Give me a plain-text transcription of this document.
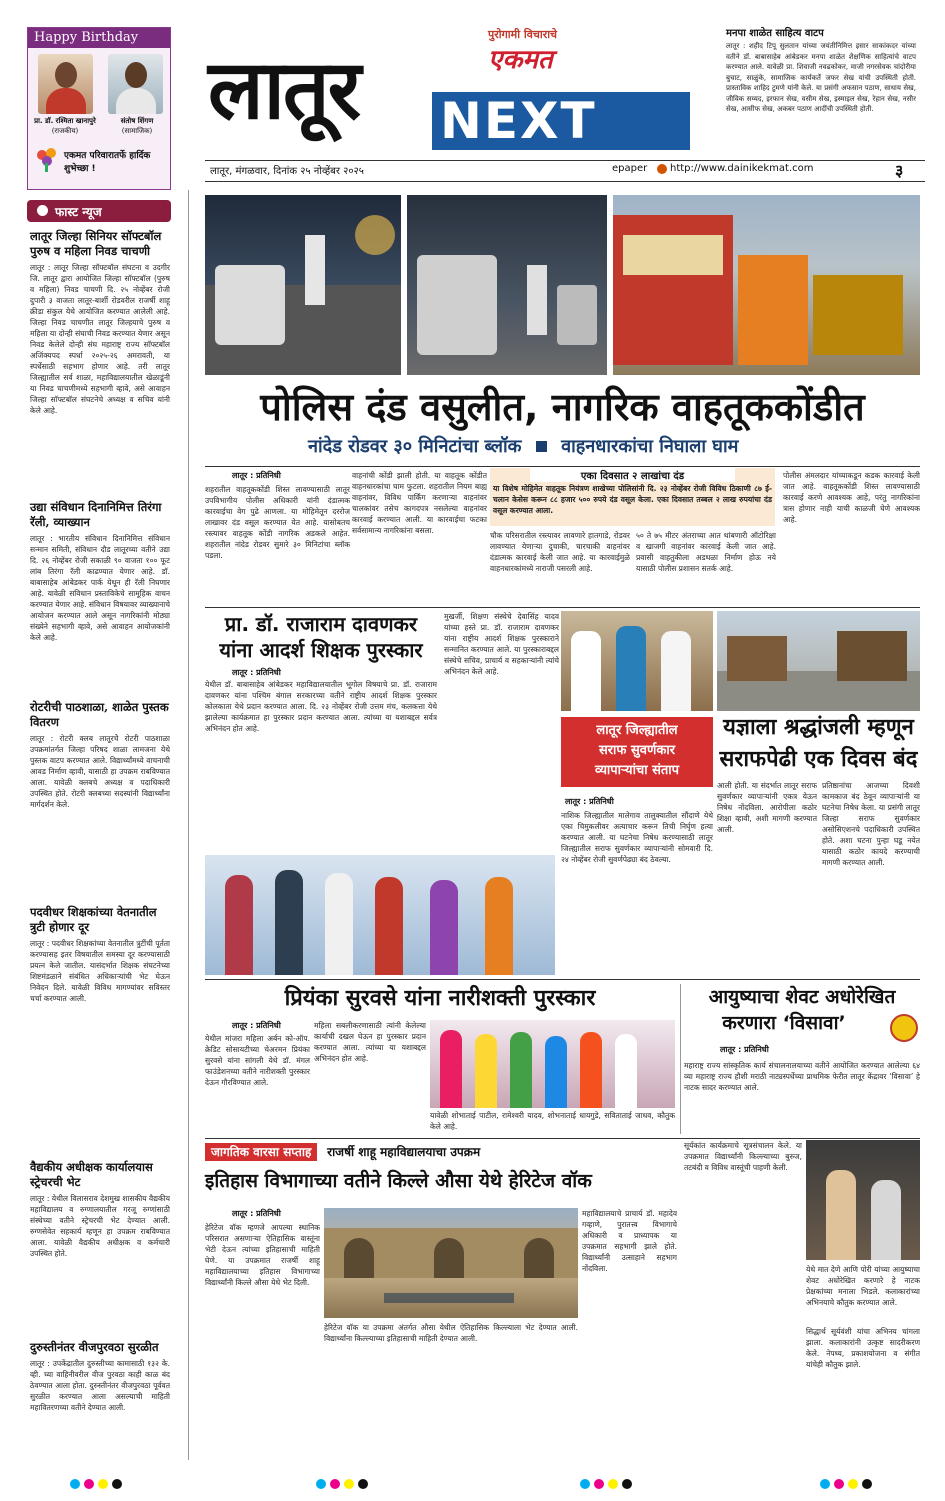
Happy Birthday
प्रा. डॉ. रश्मिता खानापुरे
(राजकीय)
संतोष शिंगण
(सामाजिक)
एकमत परिवारातर्फे हार्दिक शुभेच्छा !
लातूर
पुरोगामी विचाराचे
एकमत
NEXT
मनपा शाळेत साहित्य वाटप
लातूर : शहीद टिपू सुलतान यांच्या जयंतीनिमित्त इसार साकांकदर यांच्या वतीने डॉ. बाबासाहेब आंबेडकर मनपा शाळेत शैक्षणिक साहित्यांचे वाटप करण्यात आले. यावेळी प्रा. शिवाजी नवढकोकर, माजी नगरसेवक चांदोरीया बुचाट, साळुंके, सामाजिक कार्यकर्ते जफर सेख यांची उपस्थिती होती. प्रास्ताविक शाहिद टुमणे यांनी केले. या प्रसंगी अफसान पठाण, साधाय सेख, जीविक सय्यद, इरफान सेख, वसीम सेख, इस्माइल सेख, रेहान सेख, नसीर सेख, आसीफ सेख, अकबर पठाण आदींची उपस्थिती होती.
लातूर, मंगळवार, दिनांक २५ नोव्हेंबर २०२५	epaper http://www.dainikekmat.com	३
फास्ट न्यूज
लातूर जिल्हा सिनियर सॉफ्टबॉल पुरुष व महिला निवड चाचणी
लातूर : लातूर जिल्हा सॉफ्टबॉल संघटना व उदगीर जि. लातूर द्वारा आयोजित जिल्हा सॉफ्टबॉल (पुरुष व महिला) निवड चाचणी दि. २५ नोव्हेंबर रोजी दुपारी ३ वाजता लातूर-बार्शी रोडवरील राजर्षी शाहू क्रीडा संकुल येथे आयोजित करण्यात आलेली आहे. जिल्हा निवड चाचणीत लातूर जिल्हयाचे पुरुष व महिला या दोन्ही संघाची निवड करण्यात येणार असून निवड केलेले दोन्ही संघ महाराष्ट्र राज्य सॉफ्टबॉल अजिंक्यपद स्पर्धा २०२५-२६ अमरावती, या स्पर्धेसाठी सहभाग होणार आहे. तरी लातूर जिल्ह्यातील सर्व शाळा, महाविद्यालयातील खेळाडूंनी या निवड चाचणीमध्ये सहभागी व्हावे, असे आवाहन जिल्हा सॉफ्टबॉल संघटनेचे अध्यक्ष व सचिव यांनी केले आहे.
उद्या संविधान दिनानिमित्त तिरंगा रॅली, व्याख्यान
लातूर : भारतीय संविधान दिनानिमित्त संविधान सन्मान समिती, संविधान दौड लातूरच्या वतीने उद्या दि. २६ नोव्हेंबर रोजी सकाळी ९० वाजता १०० फूट लांब तिरंगा रॅली काढण्यात येणार आहे. डॉ. बाबासाहेब आंबेडकर पार्क येथून ही रॅली निघणार आहे. यावेळी सविधान प्रस्ताविकेचे सामूहिक वाचन करण्यात येणार आहे. संविधान विषयावर व्याख्यानाचे आयोजन करण्यात आले असून नागरिकांनी मोठ्या संख्येने सहभागी व्हावे, असे आवाहन आयोजकांनी केले आहे.
रोटरीची पाठशाळा, शाळेत पुस्तक वितरण
लातूर : रोटरी क्लब लातूरचेे रोटरी पाठशाळा उपक्रमांतर्गत जिल्हा परिषद शाळा लामजना येथे पुस्तक वाटप करण्यात आले. विद्यार्थ्यांमध्ये वाचनाची आवड निर्माण व्हावी, यासाठी हा उपक्रम राबविण्यात आला. यावेळी क्लबचे अध्यक्ष व पदाधिकारी उपस्थित होते. रोटरी क्लबच्या सदस्यांनी विद्यार्थ्यांना मार्गदर्शन केले.
पदवीधर शिक्षकांच्या वेतनातील त्रुटी होणार दूर
लातूर : पदवीधर शिक्षकांच्या वेतनातील त्रुटींची पूर्तता करण्यासह इतर विषयातील समस्या दूर करण्यासाठी प्रयत्न केले जातील. यासंदर्भात शिक्षक संघटनेच्या शिष्टमंडळाने संबंधित अधिकाऱ्यांची भेट घेऊन निवेदन दिले. यावेळी विविध मागण्यांवर सविस्तर चर्चा करण्यात आली.
वैद्यकीय अधीक्षक कार्यालयास स्ट्रेचरची भेट
लातूर : येथील विलासराव देशमुख शासकीय वैद्यकीय महाविद्यालय व रुग्णालयातील गरजू रुग्णांसाठी संस्थेच्या वतीने स्ट्रेचरची भेट देण्यात आली. रुग्णसेवेत सहकार्य म्हणून हा उपक्रम राबविण्यात आला. यावेळी वैद्यकीय अधीक्षक व कर्मचारी उपस्थित होते.
दुरुस्तीनंतर वीजपुरवठा सुरळीत
लातूर : उपकेंद्रातील दुरुस्तीच्या कामासाठी १३२ के. व्ही. च्या वाहिनीवरील वीज पुरवठा काही काळ बंद ठेवण्यात आला होता. दुरुस्तीनंतर वीजपुरवठा पूर्ववत सुरळीत करण्यात आला असल्याची माहिती महावितरणच्या वतीने देण्यात आली.
पोलिस दंड वसुलीत, नागरिक वाहतूककोंडीत
नांदेड रोडवर ३० मिनिटांचा ब्लॉक वाहनधारकांचा निघाला घाम
लातूर : प्रतिनिधी
शहरातील वाहतूककोंडी शिस्त लावण्यासाठी लातूर उपविभागीय पोलीस अधिकारी यांनी दंडात्मक कारवाईचा वेग पुढे आणला. या मोहिमेतून दररोज लाखावर दंड वसूल करण्यात येत आहे. यासोबतच रस्त्यावर वाहतूक कोंडी नागरिक अडकले आहेत. शहरातील नांदेड रोडवर सुमारे ३० मिनिटांचा ब्लॉक पडला.
वाहनांची कोंडी झाली होती. या वाहतूक कोंडीत वाहनधारकांचा घाम फुटला. शहरातील नियम बाह्य वाहनांवर, विविध पार्किंग करणाऱ्या वाहनांवर चालकांवर तसेच कागदपत्र नसलेल्या वाहनांवर कारवाई करण्यात आली. या कारवाईचा फटका सर्वसामान्य नागरिकांना बसला.
एका दिवसात २ लाखांचा दंड
या विशेष मोहिमेत वाहतूक नियंत्रण शाखेच्या पोलिसांनी दि. २३ नोव्हेंबर रोजी विविध ठिकाणी ८७ ई-चलान केसेस करून ८८ हजार ५०० रुपये दंड वसूल केला. एका दिवसात तब्बल २ लाख रुपयांचा दंड वसूल करण्यात आला.
चौक परिसरातील रस्त्यावर लावणारे हातगाडे, रोडवर लावण्यात येणाऱ्या दुचाकी, चारचाकी वाहनांवर दंडात्मक कारवाई केली जात आहे. या कारवाईमुळे वाहनधारकांमध्ये नाराजी पसरली आहे.
५० ते ७५ मीटर अंतराच्या आत थांबणारी ऑटोरिक्षा व खाजगी वाहनांवर कारवाई केली जात आहे. प्रवासी वाहतुकीला अडथळा निर्माण होऊ नये यासाठी पोलीस प्रशासन सतर्क आहे.
पोलीस अंमलदार यांच्याकडून कडक कारवाई केली जात आहे. वाहतूककोंडी शिस्त लावण्यासाठी कारवाई करणे आवश्यक आहे, परंतु नागरिकांना त्रास होणार नाही याची काळजी घेणे आवश्यक आहे.
प्रा. डॉ. राजाराम दावणकर
यांना आदर्श शिक्षक पुरस्कार
लातूर : प्रतिनिधी
येथील डॉ. बाबासाहेब आंबेडकर महाविद्यालयातील भूगोल विषयाचे प्रा. डॉ. राजाराम दावणकर यांना पश्चिम बंगाल सरकारच्या वतीने राष्ट्रीय आदर्श शिक्षक पुरस्कार कोलकाता येथे प्रदान करण्यात आला. दि. २३ नोव्हेंबर रोजी उत्तम मंच, कलकत्ता येथे झालेल्या कार्यक्रमात हा पुरस्कार प्रदान करण्यात आला. त्यांच्या या यशाबद्दल सर्वत्र अभिनंदन होत आहे.
मुखर्जी, शिक्षण संस्थेचे देवासिंह यादव यांच्या हस्ते प्रा. डॉ. राजाराम दावणकर यांना राष्ट्रीय आदर्श शिक्षक पुरस्काराने सन्मानित करण्यात आले. या पुरस्काराबद्दल संस्थेचे सचिव, प्राचार्य व सहकाऱ्यांनी त्यांचे अभिनंदन केले आहे.
लातूर जिल्ह्यातील
सराफ सुवर्णकार
व्यापाऱ्यांचा संताप
यज्ञाला श्रद्धांजली म्हणून
सराफपेढी एक दिवस बंद
लातूर : प्रतिनिधी
नाशिक जिल्ह्यातील मालेगाव तालुक्यातील सौंदाणे येथे एका चिमुकलीवर अत्याचार करून तिची निर्घृण हत्या करण्यात आली. या घटनेचा निषेध करण्यासाठी लातूर जिल्ह्यातील सराफ सुवर्णकार व्यापाऱ्यांनी सोमवारी दि. २४ नोव्हेंबर रोजी सुवर्णपेढ्या बंद ठेवल्या.
आली होती. या संदर्भात लातूर सराफ सुवर्णकार व्यापाऱ्यांनी एकत्र येऊन निषेध नोंदविला. आरोपीला कठोर शिक्षा व्हावी, अशी मागणी करण्यात आली.
प्रतिष्ठानांचा आजच्या दिवशी कामकाज बंद ठेवून व्यापाऱ्यांनी या घटनेचा निषेध केला. या प्रसंगी लातूर जिल्हा सराफ सुवर्णकार असोसिएशनचे पदाधिकारी उपस्थित होते. अशा घटना पुन्हा घडू नयेत यासाठी कठोर कायदे करण्याची मागणी करण्यात आली.
प्रियंका सुरवसे यांना नारीशक्ती पुरस्कार
लातूर : प्रतिनिधी
येथील मांजरा महिला अर्बन को-ऑप. क्रेडिट सोसायटीच्या चेअरमन प्रियंका सुरवसे यांना सांगली येथे डॉ. मंगल फाउंडेशनच्या वतीने नारीशक्ती पुरस्कार देऊन गौरविण्यात आले.
महिला सबलीकरणासाठी त्यांनी केलेल्या कार्याची दखल घेऊन हा पुरस्कार प्रदान करण्यात आला. त्यांच्या या यशाबद्दल अभिनंदन होत आहे.
यावेळी शोभाताई पाटील, रामेश्वरी यादव, शोभनाताई धायगुडे, सविताताई जाधव, कौतुक केले आहे.
आयुष्याचा शेवट अधोरेखित
करणारा ‘विसावा’
लातूर : प्रतिनिधी
महाराष्ट्र राज्य सांस्कृतिक कार्य संचालनालयाच्या वतीने आयोजित करण्यात आलेल्या ६४ व्या महाराष्ट्र राज्य हौशी मराठी नाट्यस्पर्धेच्या प्राथमिक फेरीत लातूर केंद्रावर ‘विसावा’ हे नाटक सादर करण्यात आले.
जागतिक वारसा सप्ताह राजर्षी शाहू महाविद्यालयाचा उपक्रम
इतिहास विभागाच्या वतीने किल्ले औसा येथे हेरिटेज वॉक
लातूर : प्रतिनिधी
हेरिटेज वॉक म्हणजे आपल्या स्थानिक परिसरात असणाऱ्या ऐतिहासिक वास्तूंना भेटी देऊन त्यांच्या इतिहासाची माहिती घेणे. या उपक्रमात राजर्षी शाहू महाविद्यालयाच्या इतिहास विभागाच्या विद्यार्थ्यांनी किल्ले औसा येथे भेट दिली.
हेरिटेज वॉक या उपक्रमा अंतर्गत औसा येथील ऐतिहासिक किल्ल्याला भेट देण्यात आली. विद्यार्थ्यांना किल्ल्याच्या इतिहासाची माहिती देण्यात आली.
महाविद्यालयाचे प्राचार्य डॉ. महादेव गव्हाणे, पुरातत्त्व विभागाचे अधिकारी व प्राध्यापक या उपक्रमात सहभागी झाले होते. विद्यार्थ्यांनी उत्साहाने सहभाग नोंदविला.
सूर्यकांत कार्यक्रमाचे सूत्रसंचालन केले. या उपक्रमात विद्यार्थ्यांनी किल्ल्याच्या बुरुज, तटबंदी व विविध वास्तूंची पाहणी केली.
येथे मात देणे आणि पोरी यांच्या आयुष्याचा शेवट अधोरेखित करणारे हे नाटक प्रेक्षकांच्या मनाला भिडले. कलाकारांच्या अभिनयाचे कौतुक करण्यात आले.
सिद्धार्थ सूर्यवंशी यांचा अभिनय चांगला झाला. कलाकारांनी उत्कृष्ट सादरीकरण केले. नेपथ्य, प्रकाशयोजना व संगीत यांचेही कौतुक झाले.
